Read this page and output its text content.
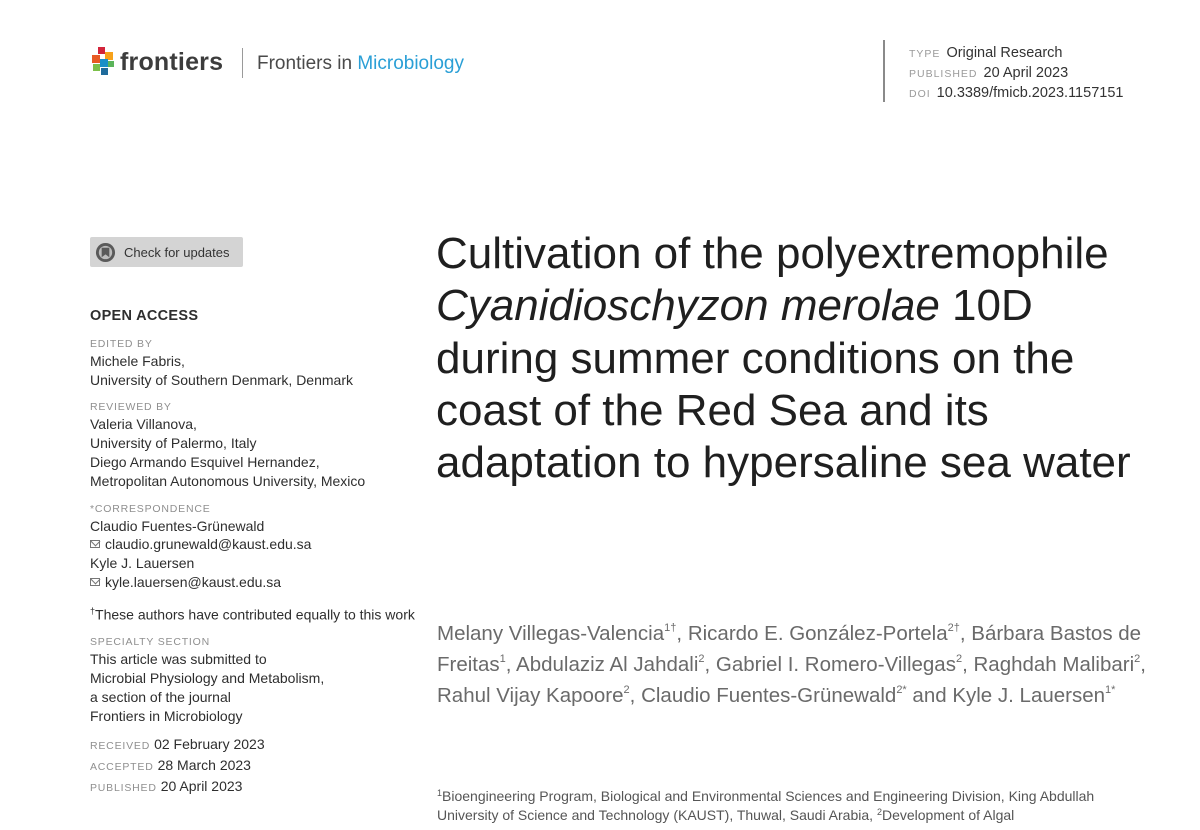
frontiers Frontiers in Microbiology	TYPE Original Research
PUBLISHED 20 April 2023
DOI 10.3389/fmicb.2023.1157151
Check for updates
OPEN ACCESS
EDITED BY
Michele Fabris,
University of Southern Denmark, Denmark
REVIEWED BY
Valeria Villanova,
University of Palermo, Italy
Diego Armando Esquivel Hernandez,
Metropolitan Autonomous University, Mexico
*CORRESPONDENCE
Claudio Fuentes-Grünewald
claudio.grunewald@kaust.edu.sa
Kyle J. Lauersen
kyle.lauersen@kaust.edu.sa
†These authors have contributed equally to this work
SPECIALTY SECTION
This article was submitted to
Microbial Physiology and Metabolism,
a section of the journal
Frontiers in Microbiology
RECEIVED 02 February 2023
ACCEPTED 28 March 2023
PUBLISHED 20 April 2023
Cultivation of the polyextremophile Cyanidioschyzon merolae 10D during summer conditions on the coast of the Red Sea and its adaptation to hypersaline sea water
Melany Villegas-Valencia$^{1\dagger}$, Ricardo E. González-Portela$^{2\dagger}$, Bárbara Bastos de Freitas$^1$, Abdulaziz Al Jahdali$^2$, Gabriel I. Romero-Villegas$^2$, Raghdah Malibari$^2$, Rahul Vijay Kapoore$^2$, Claudio Fuentes-Grünewald$^{2*}$ and Kyle J. Lauersen$^{1*}$
$^1$Bioengineering Program, Biological and Environmental Sciences and Engineering Division, King Abdullah University of Science and Technology (KAUST), Thuwal, Saudi Arabia, $^2$Development of Algal
